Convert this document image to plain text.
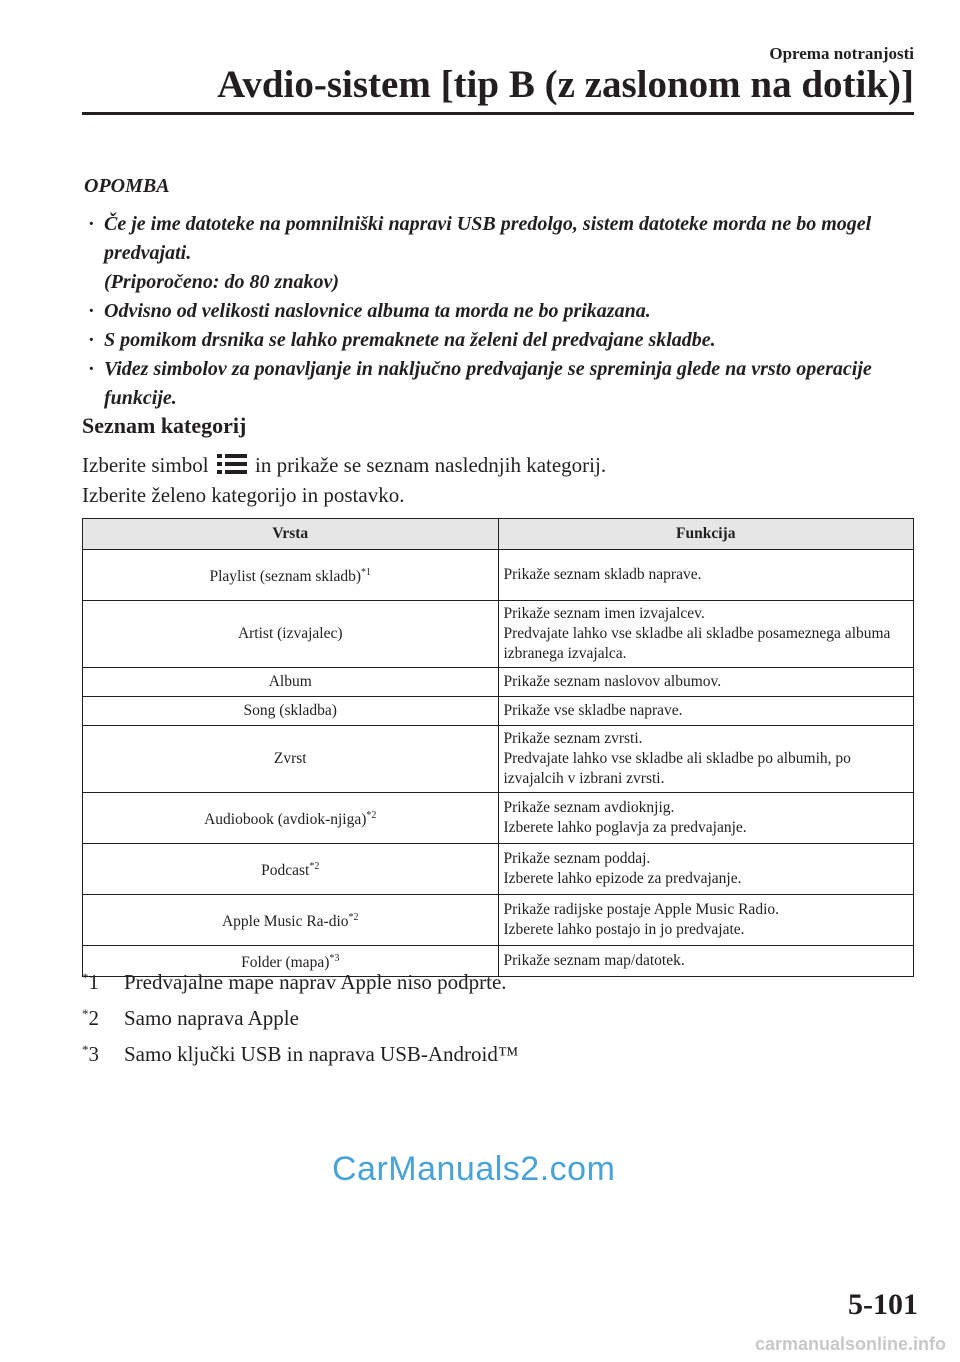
Oprema notranjosti
Avdio-sistem [tip B (z zaslonom na dotik)]
OPOMBA
· Če je ime datoteke na pomnilniški napravi USB predolgo, sistem datoteke morda ne bo mogel predvajati.
(Priporočeno: do 80 znakov)
· Odvisno od velikosti naslovnice albuma ta morda ne bo prikazana.
· S pomikom drsnika se lahko premaknete na želeni del predvajane skladbe.
· Videz simbolov za ponavljanje in naključno predvajanje se spreminja glede na vrsto operacije funkcije.
Seznam kategorij
Izberite simbol in prikaže se seznam naslednjih kategorij.
Izberite želeno kategorijo in postavko.
Vrsta	Funkcija
Playlist (seznam skladb)$^{*1}$	Prikaže seznam skladb naprave.
Artist (izvajalec)	Prikaže seznam imen izvajalcev.
Predvajate lahko vse skladbe ali skladbe posameznega albuma izbranega izvajalca.
Album	Prikaže seznam naslovov albumov.
Song (skladba)	Prikaže vse skladbe naprave.
Zvrst	Prikaže seznam zvrsti.
Predvajate lahko vse skladbe ali skladbe po albumih, po izvajalcih v izbrani zvrsti.
Audiobook (avdiok-njiga)$^{*2}$	Prikaže seznam avdioknjig.
Izberete lahko poglavja za predvajanje.
Podcast$^{*2}$	Prikaže seznam poddaj.
Izberete lahko epizode za predvajanje.
Apple Music Ra-dio$^{*2}$	Prikaže radijske postaje Apple Music Radio.
Izberete lahko postajo in jo predvajate.
Folder (mapa)$^{*3}$	Prikaže seznam map/datotek.
*1 Predvajalne mape naprav Apple niso podprte.
*2 Samo naprava Apple
*3 Samo ključki USB in naprava USB-Android™
CarManuals2.com
5-101
carmanualsonline.info
